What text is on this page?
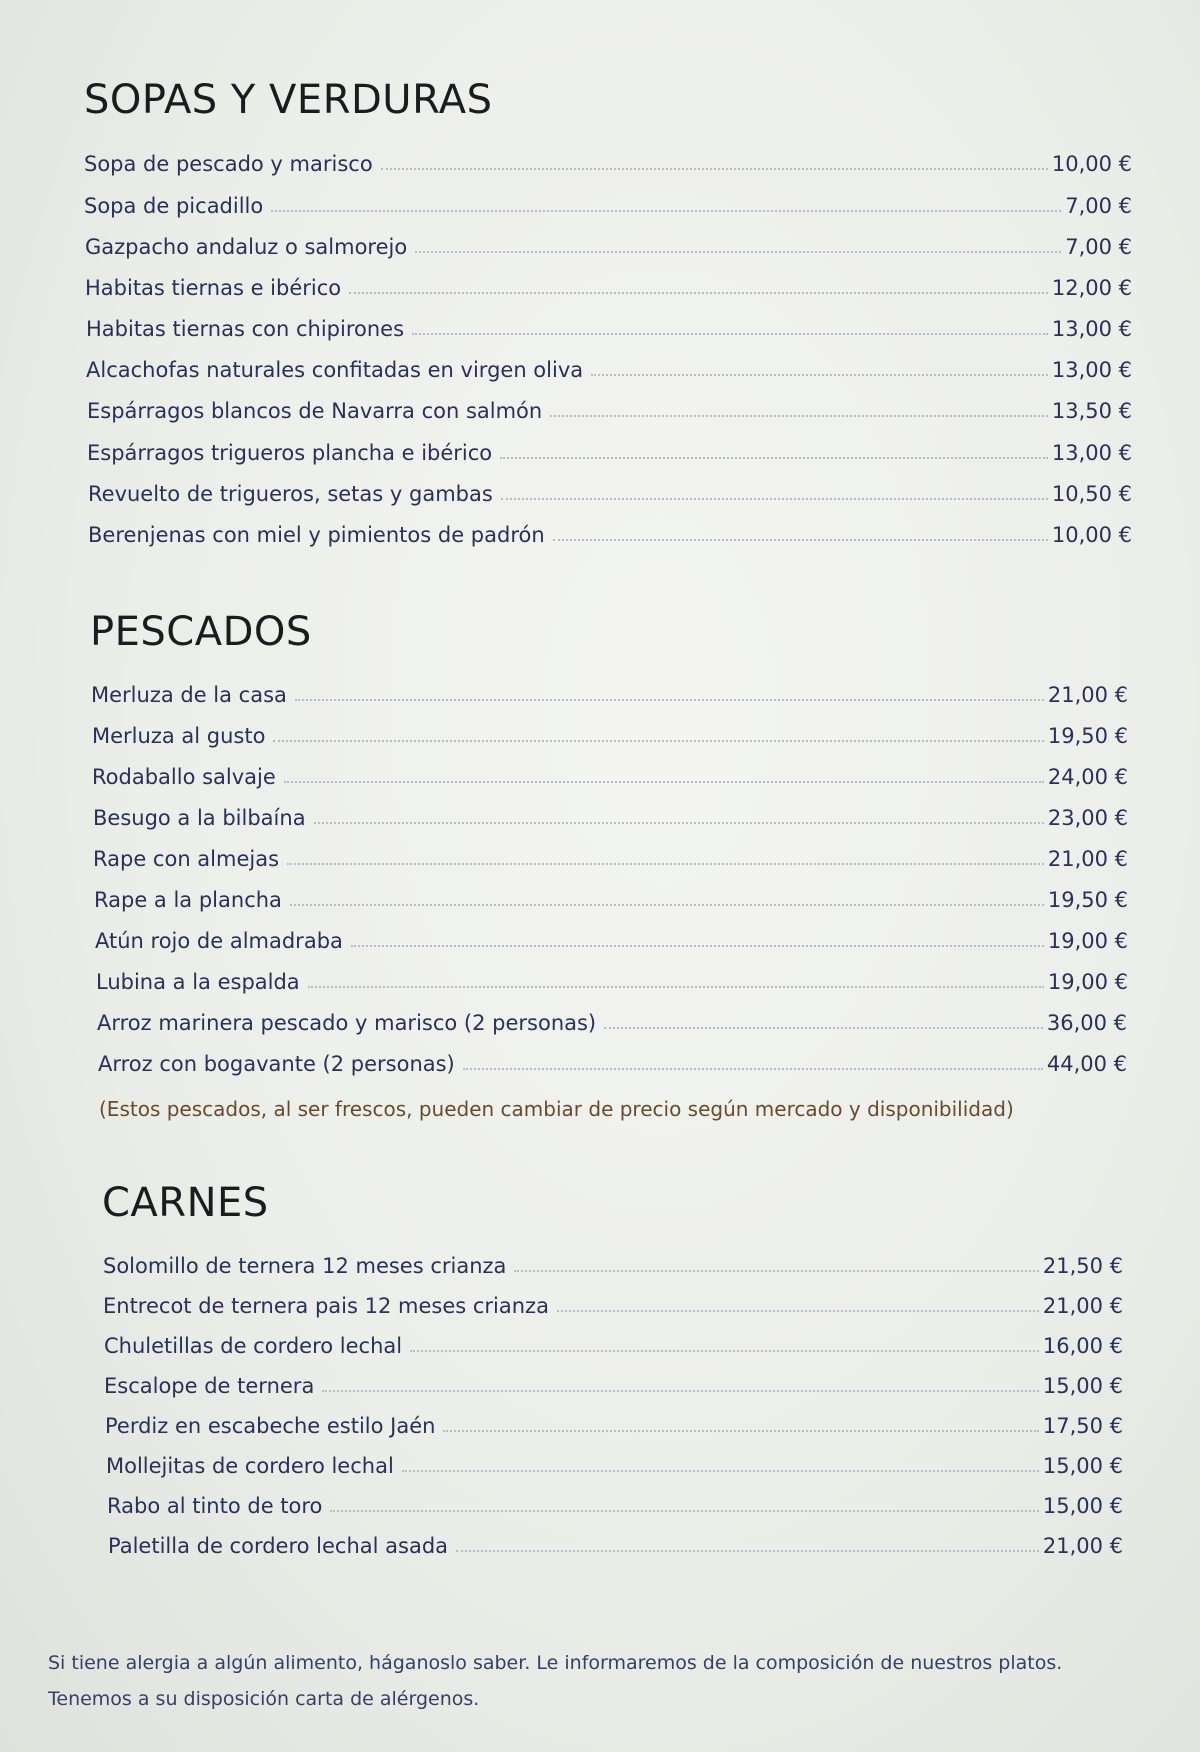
SOPAS Y VERDURAS
Sopa de pescado y marisco	10,00 €
Sopa de picadillo	7,00 €
Gazpacho andaluz o salmorejo	7,00 €
Habitas tiernas e ibérico	12,00 €
Habitas tiernas con chipirones	13,00 €
Alcachofas naturales confitadas en virgen oliva	13,00 €
Espárragos blancos de Navarra con salmón	13,50 €
Espárragos trigueros plancha e ibérico	13,00 €
Revuelto de trigueros, setas y gambas	10,50 €
Berenjenas con miel y pimientos de padrón	10,00 €
PESCADOS
Merluza de la casa	21,00 €
Merluza al gusto	19,50 €
Rodaballo salvaje	24,00 €
Besugo a la bilbaína	23,00 €
Rape con almejas	21,00 €
Rape a la plancha	19,50 €
Atún rojo de almadraba	19,00 €
Lubina a la espalda	19,00 €
Arroz marinera pescado y marisco (2 personas)	36,00 €
Arroz con bogavante (2 personas)	44,00 €
(Estos pescados, al ser frescos, pueden cambiar de precio según mercado y disponibilidad)
CARNES
Solomillo de ternera 12 meses crianza	21,50 €
Entrecot de ternera pais 12 meses crianza	21,00 €
Chuletillas de cordero lechal	16,00 €
Escalope de ternera	15,00 €
Perdiz en escabeche estilo Jaén	17,50 €
Mollejitas de cordero lechal	15,00 €
Rabo al tinto de toro	15,00 €
Paletilla de cordero lechal asada	21,00 €
Si tiene alergia a algún alimento, háganoslo saber. Le informaremos de la composición de nuestros platos.
Tenemos a su disposición carta de alérgenos.
